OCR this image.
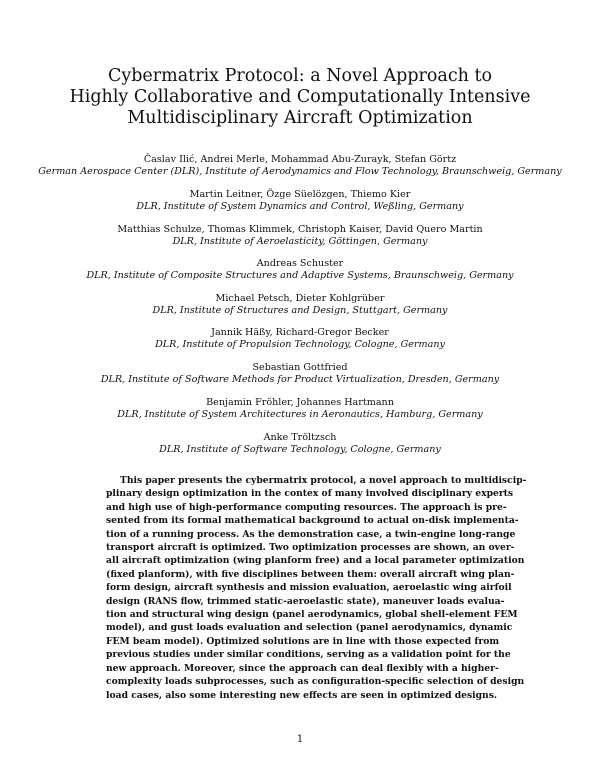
Cybermatrix Protocol: a Novel Approach to
Highly Collaborative and Computationally Intensive
Multidisciplinary Aircraft Optimization
Časlav Ilić, Andrei Merle, Mohammad Abu-Zurayk, Stefan Görtz
German Aerospace Center (DLR), Institute of Aerodynamics and Flow Technology, Braunschweig, Germany
Martin Leitner, Özge Süelözgen, Thiemo Kier
DLR, Institute of System Dynamics and Control, Weßling, Germany
Matthias Schulze, Thomas Klimmek, Christoph Kaiser, David Quero Martin
DLR, Institute of Aeroelasticity, Göttingen, Germany
Andreas Schuster
DLR, Institute of Composite Structures and Adaptive Systems, Braunschweig, Germany
Michael Petsch, Dieter Kohlgrüber
DLR, Institute of Structures and Design, Stuttgart, Germany
Jannik Häßy, Richard-Gregor Becker
DLR, Institute of Propulsion Technology, Cologne, Germany
Sebastian Gottfried
DLR, Institute of Software Methods for Product Virtualization, Dresden, Germany
Benjamin Fröhler, Johannes Hartmann
DLR, Institute of System Architectures in Aeronautics, Hamburg, Germany
Anke Tröltzsch
DLR, Institute of Software Technology, Cologne, Germany
This paper presents the cybermatrix protocol, a novel approach to multidiscip-
plinary design optimization in the contex of many involved disciplinary experts
and high use of high-performance computing resources. The approach is pre-
sented from its formal mathematical background to actual on-disk implementa-
tion of a running process. As the demonstration case, a twin-engine long-range
transport aircraft is optimized. Two optimization processes are shown, an over-
all aircraft optimization (wing planform free) and a local parameter optimization
(fixed planform), with five disciplines between them: overall aircraft wing plan-
form design, aircraft synthesis and mission evaluation, aeroelastic wing airfoil
design (RANS flow, trimmed static-aeroelastic state), maneuver loads evalua-
tion and structural wing design (panel aerodynamics, global shell-element FEM
model), and gust loads evaluation and selection (panel aerodynamics, dynamic
FEM beam model). Optimized solutions are in line with those expected from
previous studies under similar conditions, serving as a validation point for the
new approach. Moreover, since the approach can deal flexibly with a higher-
complexity loads subprocesses, such as configuration-specific selection of design
load cases, also some interesting new effects are seen in optimized designs.
1
